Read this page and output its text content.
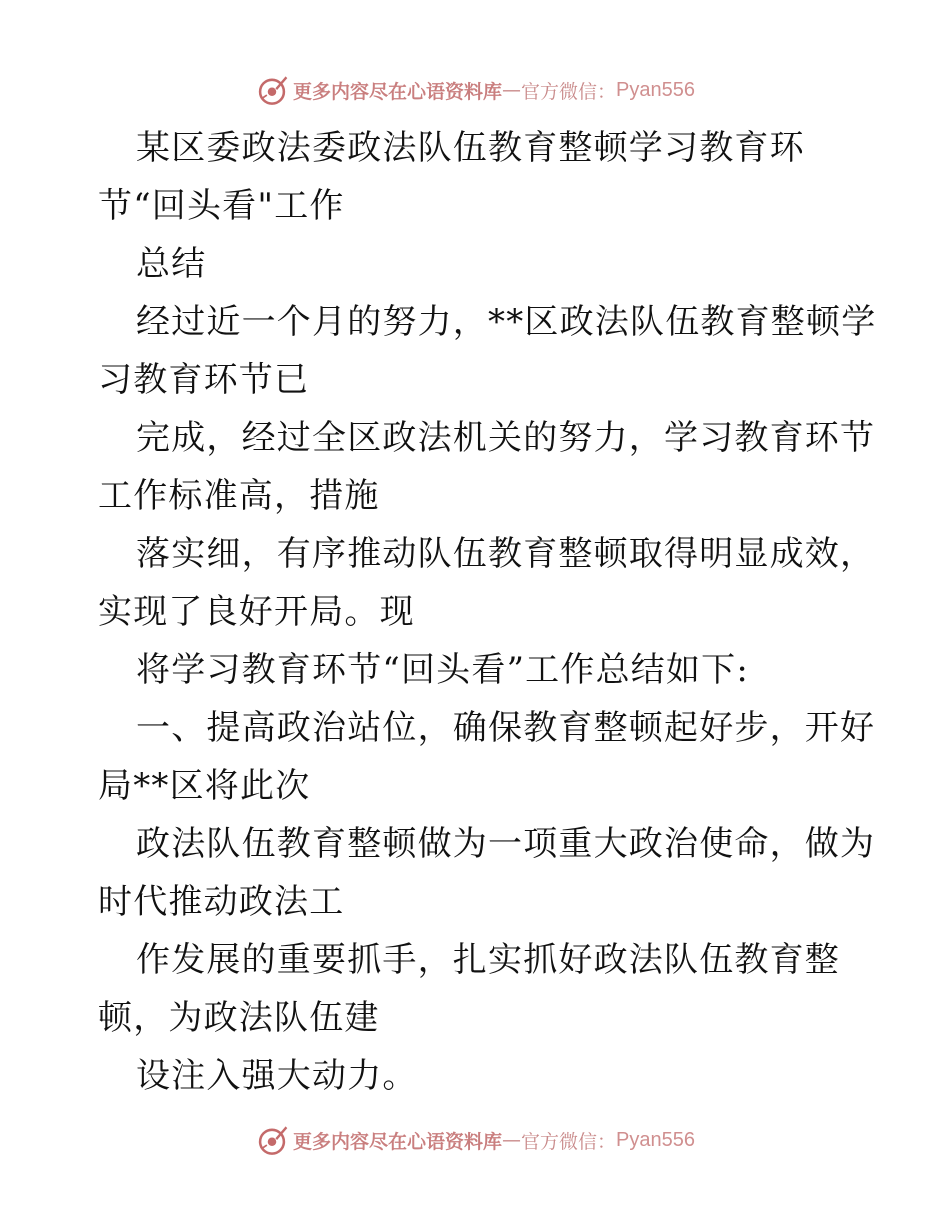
更多内容尽在心语资料库 — 官方微信： Pyan556
某区委政法委政法队伍教育整顿学习教育环
节“回头看"工作
总结
经过近一个月的努力，**区政法队伍教育整顿学
习教育环节已
完成，经过全区政法机关的努力，学习教育环节
工作标准高，措施
落实细，有序推动队伍教育整顿取得明显成效，
实现了良好开局。现
将学习教育环节“回头看”工作总结如下:
一、提高政治站位，确保教育整顿起好步，开好
局**区将此次
政法队伍教育整顿做为一项重大政治使命，做为
时代推动政法工
作发展的重要抓手，扎实抓好政法队伍教育整
顿，为政法队伍建
设注入强大动力。
更多内容尽在心语资料库 — 官方微信： Pyan556
